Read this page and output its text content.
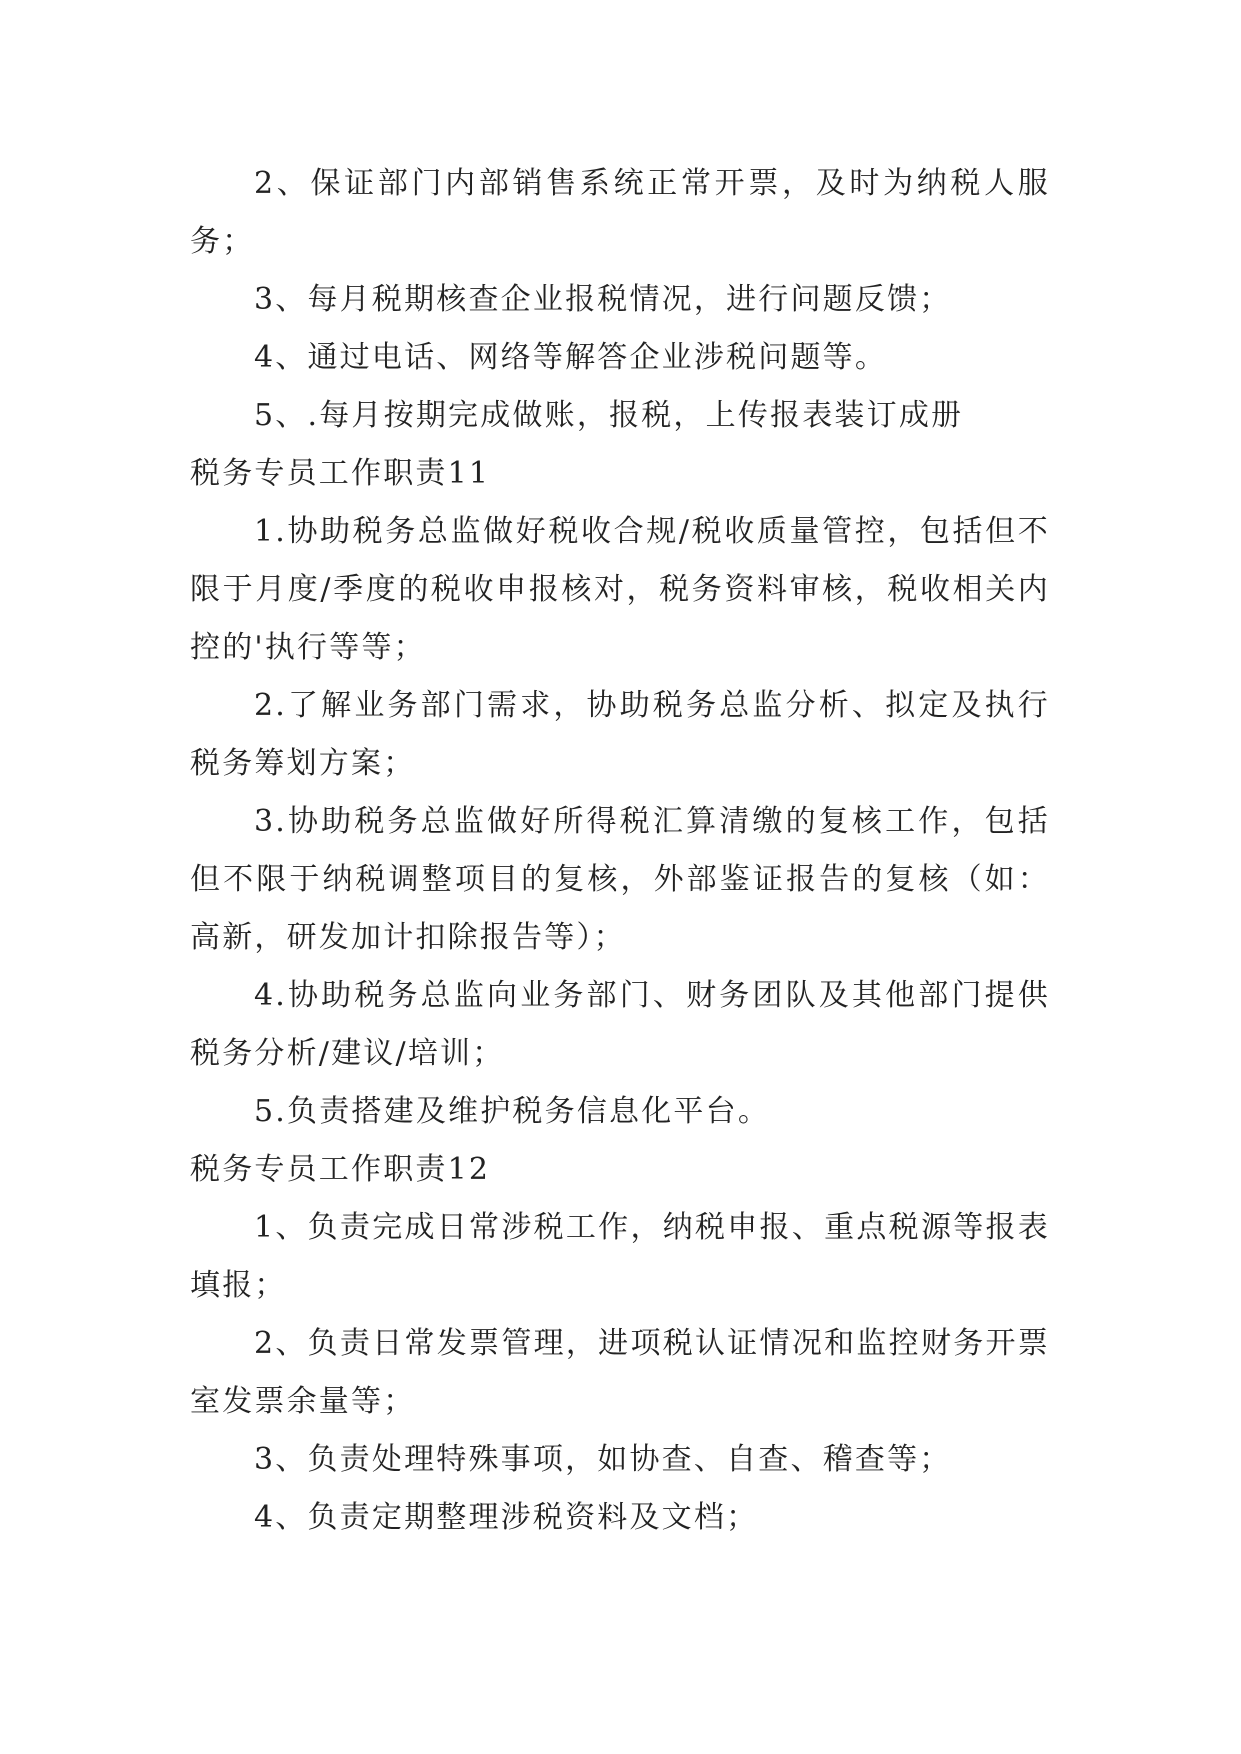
2、保证部门内部销售系统正常开票，及时为纳税人服务；

3、每月税期核查企业报税情况，进行问题反馈；

4、通过电话、网络等解答企业涉税问题等。

5、.每月按期完成做账，报税，上传报表装订成册

税务专员工作职责11

1.协助税务总监做好税收合规/税收质量管控，包括但不限于月度/季度的税收申报核对，税务资料审核，税收相关内控的'执行等等；

2.了解业务部门需求，协助税务总监分析、拟定及执行税务筹划方案；

3.协助税务总监做好所得税汇算清缴的复核工作，包括但不限于纳税调整项目的复核，外部鉴证报告的复核（如：高新，研发加计扣除报告等）；

4.协助税务总监向业务部门、财务团队及其他部门提供税务分析/建议/培训；

5.负责搭建及维护税务信息化平台。

税务专员工作职责12

1、负责完成日常涉税工作，纳税申报、重点税源等报表填报；

2、负责日常发票管理，进项税认证情况和监控财务开票室发票余量等；

3、负责处理特殊事项，如协查、自查、稽查等；

4、负责定期整理涉税资料及文档；
